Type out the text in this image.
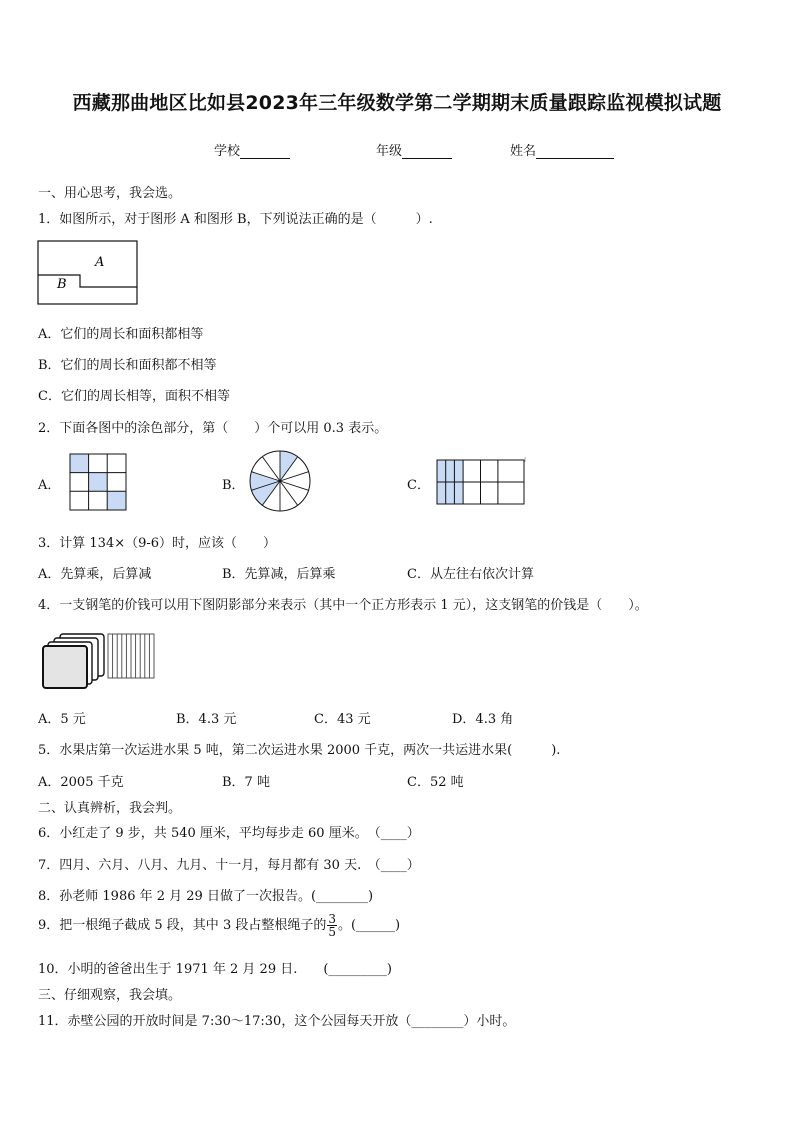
西藏那曲地区比如县2023年三年级数学第二学期期末质量跟踪监视模拟试题
学校	年级	姓名
一、用心思考，我会选。
1．如图所示，对于图形 A 和图形 B，下列说法正确的是（　　　）.
A
B
A．它们的周长和面积都相等
B．它们的周长和面积都不相等
C．它们的周长相等，面积不相等
2．下面各图中的涂色部分，第（　　）个可以用 0.3 表示。
A．	B．	C．
3．计算 134×（9-6）时，应该（　　）
A．先算乘，后算减	B．先算减，后算乘	C．从左往右依次计算
4．一支钢笔的价钱可以用下图阴影部分来表示（其中一个正方形表示 1 元），这支钢笔的价钱是（　　）。
A．5 元	B．4.3 元	C．43 元	D．4.3 角
5．水果店第一次运进水果 5 吨，第二次运进水果 2000 千克，两次一共运进水果(　　　).
A．2005 千克	B．7 吨	C．52 吨
二、认真辨析，我会判。
6．小红走了 9 步，共 540 厘米，平均每步走 60 厘米。　（____）
7．四月、六月、八月、九月、十一月，每月都有 30 天.　（____）
8．孙老师 1986 年 2 月 29 日做了一次报告。(________)
9．把一根绳子截成 5 段，其中 3 段占整根绳子的 $\frac{3}{5}$ 。(______)
10．小明的爸爸出生于 1971 年 2 月 29 日.　　(_________)
三、仔细观察，我会填。
11．赤壁公园的开放时间是 7:30～17:30，这个公园每天开放（________）小时。
